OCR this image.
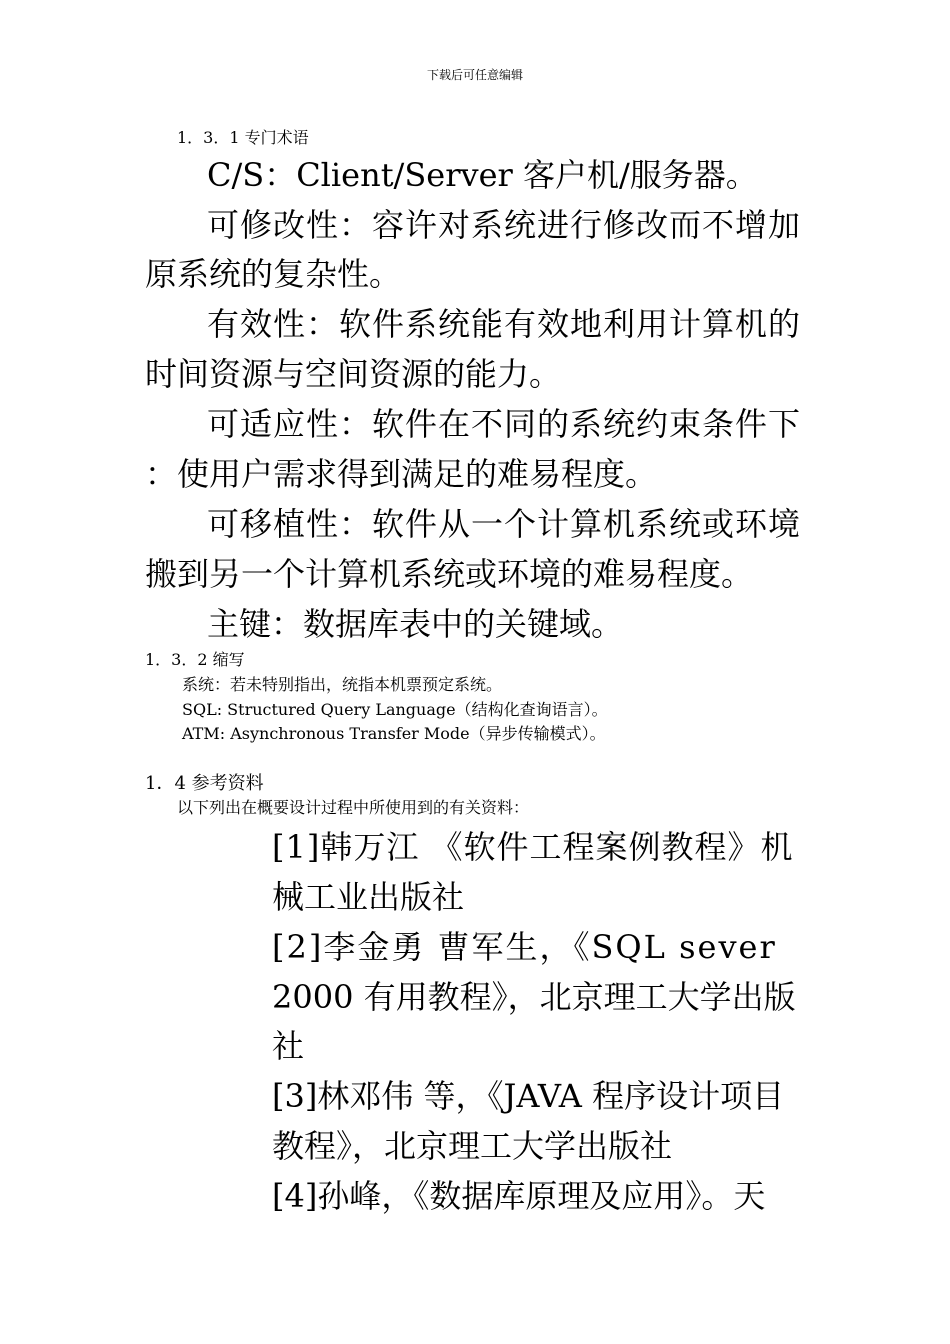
下载后可任意编辑
1．3．1 专门术语
C/S：Client/Server 客户机/服务器。
可修改性：容许对系统进行修改而不增加
原系统的复杂性。
有效性：软件系统能有效地利用计算机的
时间资源与空间资源的能力。
可适应性：软件在不同的系统约束条件下
：使用户需求得到满足的难易程度。
可移植性：软件从一个计算机系统或环境
搬到另一个计算机系统或环境的难易程度。
主键：数据库表中的关键域。
1．3．2 缩写
系统：若未特别指出，统指本机票预定系统。
SQL: Structured Query Language（结构化查询语言）。
ATM: Asynchronous Transfer Mode（异步传输模式）。
1．4 参考资料
以下列出在概要设计过程中所使用到的有关资料：
[1]韩万江 《软件工程案例教程》机
械工业出版社
[2]李金勇 曹军生，《SQL sever
2000 有用教程》，北京理工大学出版
社
[3]林邓伟 等，《JAVA 程序设计项目
教程》，北京理工大学出版社
[4]孙峰，《数据库原理及应用》。天
